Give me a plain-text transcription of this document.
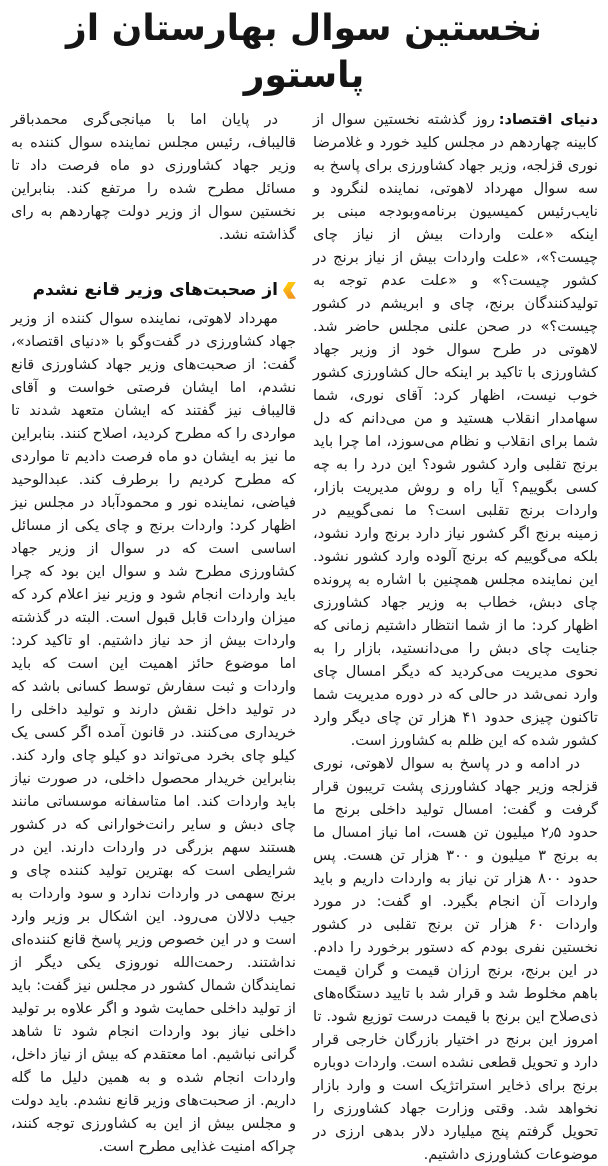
نخستین سوال بهارستان از پاستور

دنیای اقتصاد:روز گذشته نخستین سوال از کابینه چهاردهم در مجلس کلید خورد و غلامرضا نوری قزلجه، وزیر جهاد کشاورزی برای پاسخ به سه سوال مهرداد لاهوتی، نماینده لنگرود و نایب‌رئیس کمیسیون برنامه‌وبودجه مبنی بر اینکه «علت واردات بیش از نیاز چای چیست؟»، «علت واردات بیش از نیاز برنج در کشور چیست؟» و «علت عدم توجه به تولیدکنندگان برنج، چای و ابریشم در کشور چیست؟» در صحن علنی مجلس حاضر شد. لاهوتی در طرح سوال خود از وزیر جهاد کشاورزی با تاکید بر اینکه حال کشاورزی کشور خوب نیست، اظهار کرد: آقای نوری، شما سهامدار انقلاب هستید و من می‌دانم که دل شما برای انقلاب و نظام می‌سوزد، اما چرا باید برنج تقلبی وارد کشور شود؟ این درد را به چه کسی بگوییم؟ آیا راه و روش مدیریت بازار، واردات برنج تقلبی است؟ ما نمی‌گوییم در زمینه برنج اگر کشور نیاز دارد برنج وارد نشود، بلکه می‌گوییم که برنج آلوده وارد کشور نشود. این نماینده مجلس همچنین با اشاره به پرونده چای دبش، خطاب به وزیر جهاد کشاورزی اظهار کرد: ما از شما انتظار داشتیم زمانی که جنایت چای دبش را می‌دانستید، بازار را به نحوی مدیریت می‌کردید که دیگر امسال چای وارد نمی‌شد در حالی که در دوره مدیریت شما تاکنون چیزی حدود ۴۱ هزار تن چای دیگر وارد کشور شده که این ظلم به کشاورز است.

در ادامه و در پاسخ به سوال لاهوتی، نوری قزلجه وزیر جهاد کشاورزی پشت تریبون قرار گرفت و گفت: امسال تولید داخلی برنج ما حدود ۲٫۵ میلیون تن هست، اما نیاز امسال ما به برنج ۳ میلیون و ۳۰۰ هزار تن هست. پس حدود ۸۰۰ هزار تن نیاز به واردات داریم و باید واردات آن انجام بگیرد. او گفت: در مورد واردات ۶۰ هزار تن برنج تقلبی در کشور نخستین نفری بودم که دستور برخورد را دادم. در این برنج، برنج ارزان قیمت و گران قیمت باهم مخلوط شد و قرار شد با تایید دستگاه‌های ذی‌صلاح این برنج با قیمت درست توزیع شود. تا امروز این برنج در اختیار بازرگان خارجی قرار دارد و تحویل قطعی نشده است. واردات دوباره برنج برای ذخایر استراتژیک است و وارد بازار نخواهد شد. وقتی وزارت جهاد کشاورزی را تحویل گرفتم پنج میلیارد دلار بدهی ارزی در موضوعات کشاورزی داشتیم.

در پایان اما با میانجی‌گری محمدباقر قالیباف، رئیس مجلس نماینده سوال کننده به وزیر جهاد کشاورزی دو ماه فرصت داد تا مسائل مطرح شده را مرتفع کند. بنابراین نخستین سوال از وزیر دولت چهاردهم به رای گذاشته نشد.

از صحبت‌های وزیر قانع نشدم

مهرداد لاهوتی، نماینده سوال کننده از وزیر جهاد کشاورزی در گفت‌وگو با «دنیای اقتصاد»، گفت: از صحبت‌های وزیر جهاد کشاورزی قانع نشدم، اما ایشان فرصتی خواست و آقای قالیباف نیز گفتند که ایشان متعهد شدند تا مواردی را که مطرح کردید، اصلاح کنند. بنابراین ما نیز به ایشان دو ماه فرصت دادیم تا مواردی که مطرح کردیم را برطرف کند. عبدالوحید فیاضی، نماینده نور و محمودآباد در مجلس نیز اظهار کرد: واردات برنج و چای یکی از مسائل اساسی است که در سوال از وزیر جهاد کشاورزی مطرح شد و سوال این بود که چرا باید واردات انجام شود و وزیر نیز اعلام کرد که میزان واردات قابل قبول است. البته در گذشته واردات بیش از حد نیاز داشتیم. او تاکید کرد: اما موضوع حائز اهمیت این است که باید واردات و ثبت سفارش توسط کسانی باشد که در تولید داخل نقش دارند و تولید داخلی را خریداری می‌کنند. در قانون آمده اگر کسی یک کیلو چای بخرد می‌تواند دو کیلو چای وارد کند. بنابراین خریدار محصول داخلی، در صورت نیاز باید واردات کند. اما متاسفانه موسساتی مانند چای دبش و سایر رانت‌خوارانی که در کشور هستند سهم بزرگی در واردات دارند. این در شرایطی است که بهترین تولید کننده چای و برنج سهمی در واردات ندارد و سود واردات به جیب دلالان می‌رود. این اشکال بر وزیر وارد است و در این خصوص وزیر پاسخ قانع کننده‌ای نداشتند. رحمت‌الله نوروزی یکی دیگر از نمایندگان شمال کشور در مجلس نیز گفت: باید از تولید داخلی حمایت شود و اگر علاوه بر تولید داخلی نیاز بود واردات انجام شود تا شاهد گرانی نباشیم. اما معتقدم که بیش از نیاز داخل، واردات انجام شده و به همین دلیل ما گله داریم. از صحبت‌های وزیر قانع نشدم. باید دولت و مجلس بیش از این به کشاورزی توجه کنند، چراکه امنیت غذایی مطرح است.
